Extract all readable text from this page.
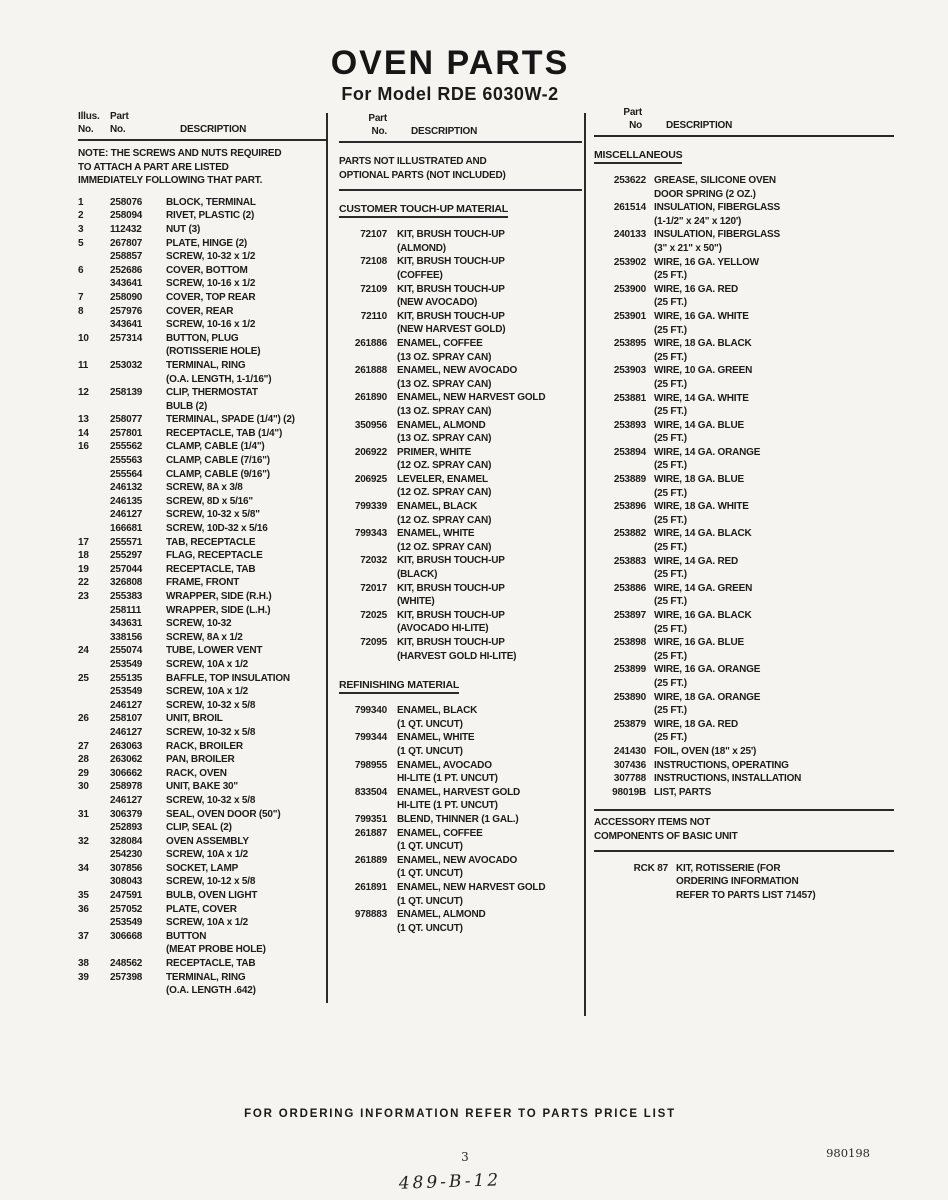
OVEN PARTS
For Model RDE 6030W-2
Illus.	Part
No.	No.	DESCRIPTION
NOTE: THE SCREWS AND NUTS REQUIRED
TO ATTACH A PART ARE LISTED
IMMEDIATELY FOLLOWING THAT PART.
1	258076	BLOCK, TERMINAL
2	258094	RIVET, PLASTIC (2)
3	112432	NUT (3)
5	267807	PLATE, HINGE (2)
258857	SCREW, 10-32 x 1/2
6	252686	COVER, BOTTOM
343641	SCREW, 10-16 x 1/2
7	258090	COVER, TOP REAR
8	257976	COVER, REAR
343641	SCREW, 10-16 x 1/2
10	257314	BUTTON, PLUG
(ROTISSERIE HOLE)
11	253032	TERMINAL, RING
(O.A. LENGTH, 1-1/16")
12	258139	CLIP, THERMOSTAT
BULB (2)
13	258077	TERMINAL, SPADE (1/4") (2)
14	257801	RECEPTACLE, TAB (1/4")
16	255562	CLAMP, CABLE (1/4")
255563	CLAMP, CABLE (7/16")
255564	CLAMP, CABLE (9/16")
246132	SCREW, 8A x 3/8
246135	SCREW, 8D x 5/16"
246127	SCREW, 10-32 x 5/8"
166681	SCREW, 10D-32 x 5/16
17	255571	TAB, RECEPTACLE
18	255297	FLAG, RECEPTACLE
19	257044	RECEPTACLE, TAB
22	326808	FRAME, FRONT
23	255383	WRAPPER, SIDE (R.H.)
258111	WRAPPER, SIDE (L.H.)
343631	SCREW, 10-32
338156	SCREW, 8A x 1/2
24	255074	TUBE, LOWER VENT
253549	SCREW, 10A x 1/2
25	255135	BAFFLE, TOP INSULATION
253549	SCREW, 10A x 1/2
246127	SCREW, 10-32 x 5/8
26	258107	UNIT, BROIL
246127	SCREW, 10-32 x 5/8
27	263063	RACK, BROILER
28	263062	PAN, BROILER
29	306662	RACK, OVEN
30	258978	UNIT, BAKE 30"
246127	SCREW, 10-32 x 5/8
31	306379	SEAL, OVEN DOOR (50")
252893	CLIP, SEAL (2)
32	328084	OVEN ASSEMBLY
254230	SCREW, 10A x 1/2
34	307856	SOCKET, LAMP
308043	SCREW, 10-12 x 5/8
35	247591	BULB, OVEN LIGHT
36	257052	PLATE, COVER
253549	SCREW, 10A x 1/2
37	306668	BUTTON
(MEAT PROBE HOLE)
38	248562	RECEPTACLE, TAB
39	257398	TERMINAL, RING
(O.A. LENGTH .642)
Part
No.	DESCRIPTION
PARTS NOT ILLUSTRATED AND
OPTIONAL PARTS (NOT INCLUDED)
CUSTOMER TOUCH-UP MATERIAL
72107 KIT, BRUSH TOUCH-UP
(ALMOND)
72108 KIT, BRUSH TOUCH-UP
(COFFEE)
72109 KIT, BRUSH TOUCH-UP
(NEW AVOCADO)
72110 KIT, BRUSH TOUCH-UP
(NEW HARVEST GOLD)
261886 ENAMEL, COFFEE
(13 OZ. SPRAY CAN)
261888 ENAMEL, NEW AVOCADO
(13 OZ. SPRAY CAN)
261890 ENAMEL, NEW HARVEST GOLD
(13 OZ. SPRAY CAN)
350956 ENAMEL, ALMOND
(13 OZ. SPRAY CAN)
206922 PRIMER, WHITE
(12 OZ. SPRAY CAN)
206925 LEVELER, ENAMEL
(12 OZ. SPRAY CAN)
799339 ENAMEL, BLACK
(12 OZ. SPRAY CAN)
799343 ENAMEL, WHITE
(12 OZ. SPRAY CAN)
72032 KIT, BRUSH TOUCH-UP
(BLACK)
72017 KIT, BRUSH TOUCH-UP
(WHITE)
72025 KIT, BRUSH TOUCH-UP
(AVOCADO HI-LITE)
72095 KIT, BRUSH TOUCH-UP
(HARVEST GOLD HI-LITE)
REFINISHING MATERIAL
799340 ENAMEL, BLACK
(1 QT. UNCUT)
799344 ENAMEL, WHITE
(1 QT. UNCUT)
798955 ENAMEL, AVOCADO
HI-LITE (1 PT. UNCUT)
833504 ENAMEL, HARVEST GOLD
HI-LITE (1 PT. UNCUT)
799351 BLEND, THINNER (1 GAL.)
261887 ENAMEL, COFFEE
(1 QT. UNCUT)
261889 ENAMEL, NEW AVOCADO
(1 QT. UNCUT)
261891 ENAMEL, NEW HARVEST GOLD
(1 QT. UNCUT)
978883 ENAMEL, ALMOND
(1 QT. UNCUT)
Part
No	DESCRIPTION
MISCELLANEOUS
253622 GREASE, SILICONE OVEN
DOOR SPRING (2 OZ.)
261514 INSULATION, FIBERGLASS
(1-1/2" x 24" x 120')
240133 INSULATION, FIBERGLASS
(3" x 21" x 50")
253902 WIRE, 16 GA. YELLOW
(25 FT.)
253900 WIRE, 16 GA. RED
(25 FT.)
253901 WIRE, 16 GA. WHITE
(25 FT.)
253895 WIRE, 18 GA. BLACK
(25 FT.)
253903 WIRE, 10 GA. GREEN
(25 FT.)
253881 WIRE, 14 GA. WHITE
(25 FT.)
253893 WIRE, 14 GA. BLUE
(25 FT.)
253894 WIRE, 14 GA. ORANGE
(25 FT.)
253889 WIRE, 18 GA. BLUE
(25 FT.)
253896 WIRE, 18 GA. WHITE
(25 FT.)
253882 WIRE, 14 GA. BLACK
(25 FT.)
253883 WIRE, 14 GA. RED
(25 FT.)
253886 WIRE, 14 GA. GREEN
(25 FT.)
253897 WIRE, 16 GA. BLACK
(25 FT.)
253898 WIRE, 16 GA. BLUE
(25 FT.)
253899 WIRE, 16 GA. ORANGE
(25 FT.)
253890 WIRE, 18 GA. ORANGE
(25 FT.)
253879 WIRE, 18 GA. RED
(25 FT.)
241430 FOIL, OVEN (18" x 25')
307436 INSTRUCTIONS, OPERATING
307788 INSTRUCTIONS, INSTALLATION
98019B LIST, PARTS
ACCESSORY ITEMS NOT
COMPONENTS OF BASIC UNIT
RCK 87 KIT, ROTISSERIE (FOR
ORDERING INFORMATION
REFER TO PARTS LIST 71457)
FOR ORDERING INFORMATION REFER TO PARTS PRICE LIST
3	980198
489-B-12
